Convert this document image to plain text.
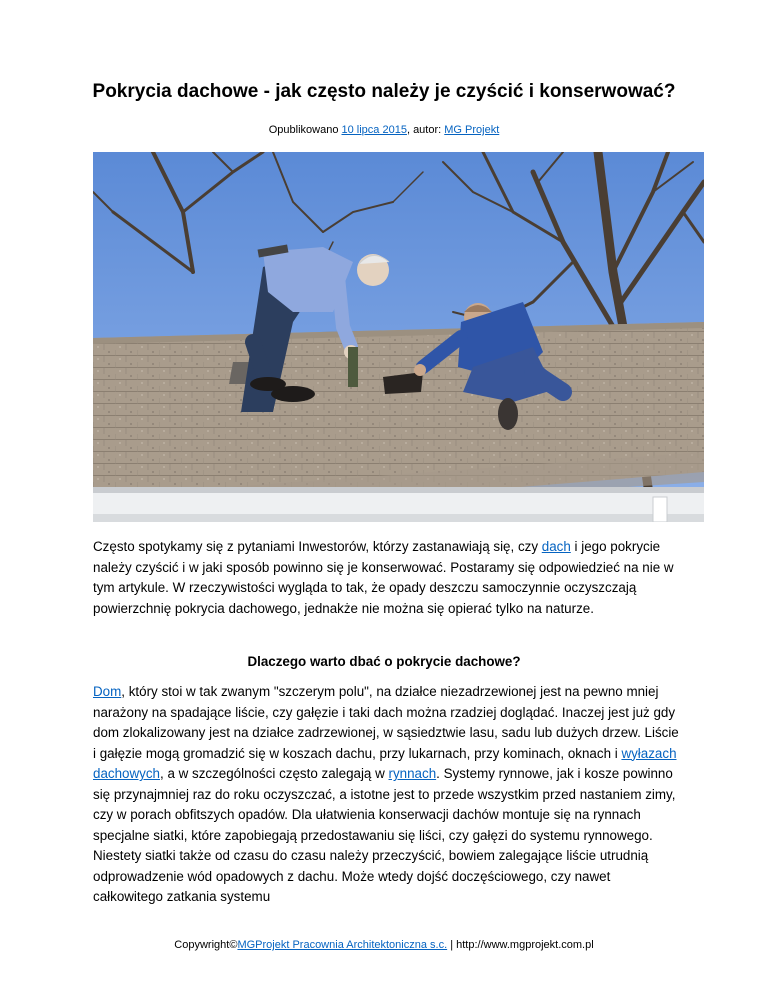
Pokrycia dachowe - jak często należy je czyścić i konserwować?
Opublikowano 10 lipca 2015, autor: MG Projekt

Często spotykamy się z pytaniami Inwestorów, którzy zastanawiają się, czy dach i jego pokrycie należy czyścić i w jaki sposób powinno się je konserwować. Postaramy się odpowiedzieć na nie w tym artykule. W rzeczywistości wygląda to tak, że opady deszczu samoczynnie oczyszczają powierzchnię pokrycia dachowego, jednakże nie można się opierać tylko na naturze.

Dlaczego warto dbać o pokrycie dachowe?

Dom, który stoi w tak zwanym "szczerym polu", na działce niezadrzewionej jest na pewno mniej narażony na spadające liście, czy gałęzie i taki dach można rzadziej doglądać. Inaczej jest już gdy dom zlokalizowany jest na działce zadrzewionej, w sąsiedztwie lasu, sadu lub dużych drzew. Liście i gałęzie mogą gromadzić się w koszach dachu, przy lukarnach, przy kominach, oknach i wyłazach dachowych, a w szczególności często zalegają w rynnach. Systemy rynnowe, jak i kosze powinno się przynajmniej raz do roku oczyszczać, a istotne jest to przede wszystkim przed nastaniem zimy, czy w porach obfitszych opadów. Dla ułatwienia konserwacji dachów montuje się na rynnach specjalne siatki, które zapobiegają przedostawaniu się liści, czy gałęzi do systemu rynnowego. Niestety siatki także od czasu do czasu należy przeczyścić, bowiem zalegające liście utrudnią odprowadzenie wód opadowych z dachu. Może wtedy dojść doczęściowego, czy nawet całkowitego zatkania systemu

Copywright©MGProjekt Pracownia Architektoniczna s.c. | http://www.mgprojekt.com.pl
